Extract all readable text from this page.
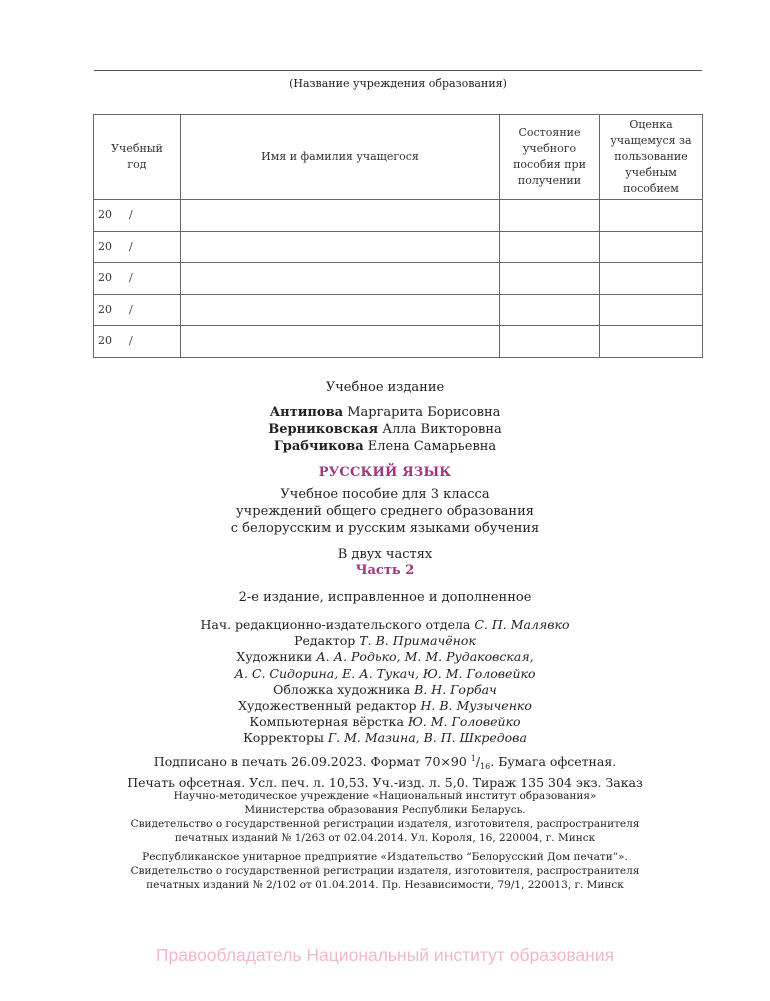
(Название учреждения образования)
Учебный год	Имя и фамилия учащегося	Состояние учебного пособия при получении	Оценка учащемуся за пользование учебным пособием
20 /			
20 /			
20 /			
20 /			
20 /			
Учебное издание
Антипова Маргарита Борисовна
Верниковская Алла Викторовна
Грабчикова Елена Самарьевна
РУССКИЙ ЯЗЫК
Учебное пособие для 3 класса
учреждений общего среднего образования
с белорусским и русским языками обучения
В двух частях
Часть 2
2-е издание, исправленное и дополненное
Нач. редакционно-издательского отдела С. П. Малявко
Редактор Т. В. Примачёнок
Художники А. А. Родько, М. М. Рудаковская,
А. С. Сидорина, Е. А. Тукач, Ю. М. Головейко
Обложка художника В. Н. Горбач
Художественный редактор Н. В. Музыченко
Компьютерная вёрстка Ю. М. Головейко
Корректоры Г. М. Мазина, В. П. Шкредова
Подписано в печать 26.09.2023. Формат 70×90 $^1/_{16}$. Бумага офсетная.
Печать офсетная. Усл. печ. л. 10,53. Уч.-изд. л. 5,0. Тираж 135 304 экз. Заказ
Научно-методическое учреждение «Национальный институт образования»
Министерства образования Республики Беларусь.
Свидетельство о государственной регистрации издателя, изготовителя, распространителя
печатных изданий № 1/263 от 02.04.2014. Ул. Короля, 16, 220004, г. Минск
Республиканское унитарное предприятие «Издательство “Белорусский Дом печати”».
Свидетельство о государственной регистрации издателя, изготовителя, распространителя
печатных изданий № 2/102 от 01.04.2014. Пр. Независимости, 79/1, 220013, г. Минск
Правообладатель Национальный институт образования
